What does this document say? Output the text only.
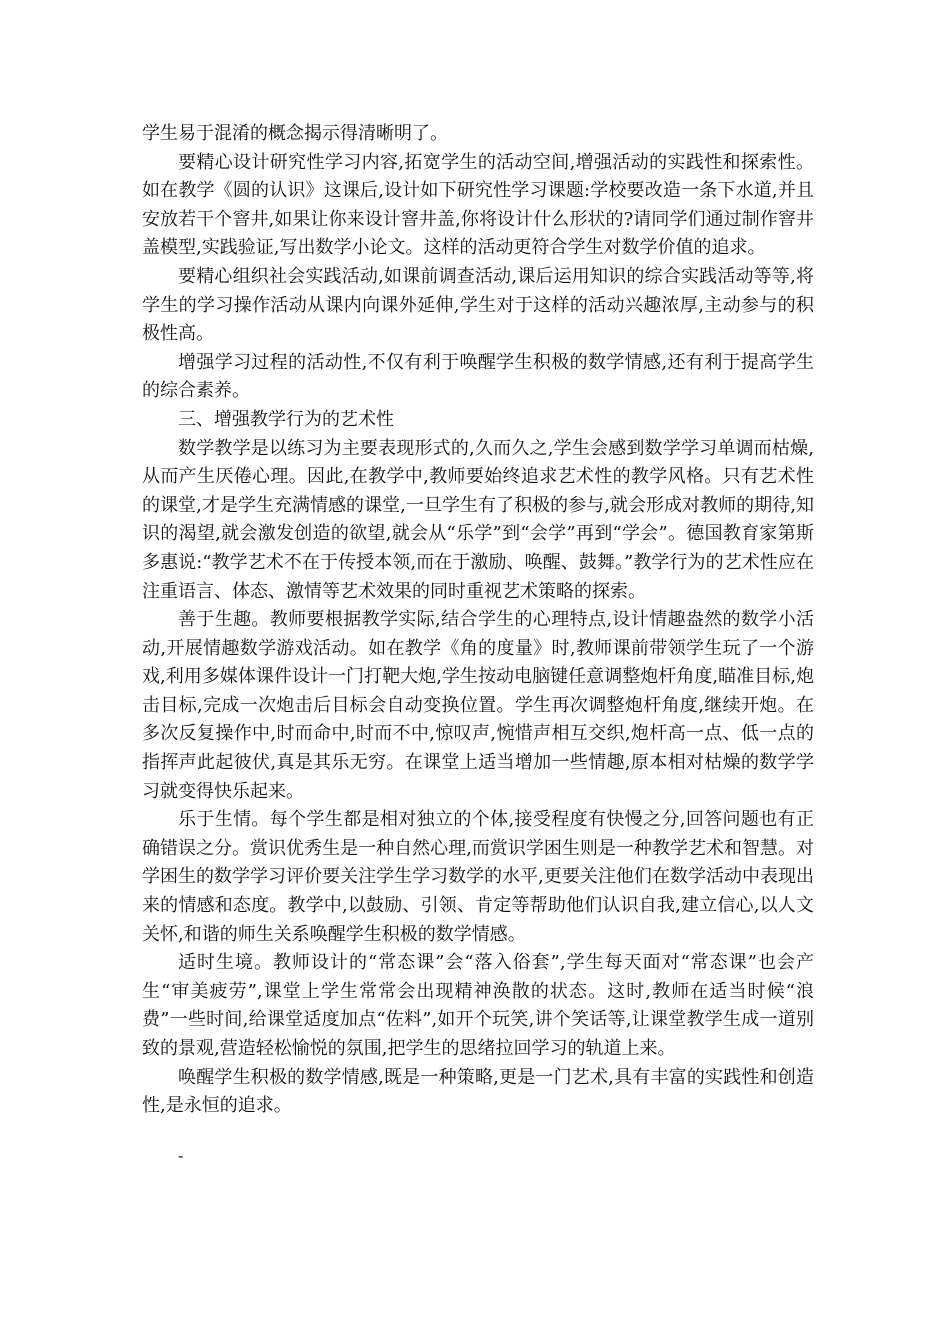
学生易于混淆的概念揭示得清晰明了。

要精心设计研究性学习内容,拓宽学生的活动空间,增强活动的实践性和探索性。如在教学《圆的认识》这课后,设计如下研究性学习课题:学校要改造一条下水道,并且安放若干个窨井,如果让你来设计窨井盖,你将设计什么形状的?请同学们通过制作窨井盖模型,实践验证,写出数学小论文。这样的活动更符合学生对数学价值的追求。

要精心组织社会实践活动,如课前调查活动,课后运用知识的综合实践活动等等,将学生的学习操作活动从课内向课外延伸,学生对于这样的活动兴趣浓厚,主动参与的积极性高。

增强学习过程的活动性,不仅有利于唤醒学生积极的数学情感,还有利于提高学生的综合素养。

三、增强教学行为的艺术性

数学教学是以练习为主要表现形式的,久而久之,学生会感到数学学习单调而枯燥,从而产生厌倦心理。因此,在教学中,教师要始终追求艺术性的教学风格。只有艺术性的课堂,才是学生充满情感的课堂,一旦学生有了积极的参与,就会形成对教师的期待,知识的渴望,就会激发创造的欲望,就会从“乐学”到“会学”再到“学会”。德国教育家第斯多惠说:“教学艺术不在于传授本领,而在于激励、唤醒、鼓舞。”教学行为的艺术性应在注重语言、体态、激情等艺术效果的同时重视艺术策略的探索。

善于生趣。教师要根据教学实际,结合学生的心理特点,设计情趣盎然的数学小活动,开展情趣数学游戏活动。如在教学《角的度量》时,教师课前带领学生玩了一个游戏,利用多媒体课件设计一门打靶大炮,学生按动电脑键任意调整炮杆角度,瞄准目标,炮击目标,完成一次炮击后目标会自动变换位置。学生再次调整炮杆角度,继续开炮。在多次反复操作中,时而命中,时而不中,惊叹声,惋惜声相互交织,炮杆高一点、低一点的指挥声此起彼伏,真是其乐无穷。在课堂上适当增加一些情趣,原本相对枯燥的数学学习就变得快乐起来。

乐于生情。每个学生都是相对独立的个体,接受程度有快慢之分,回答问题也有正确错误之分。赏识优秀生是一种自然心理,而赏识学困生则是一种教学艺术和智慧。对学困生的数学学习评价要关注学生学习数学的水平,更要关注他们在数学活动中表现出来的情感和态度。教学中,以鼓励、引领、肯定等帮助他们认识自我,建立信心,以人文关怀,和谐的师生关系唤醒学生积极的数学情感。

适时生境。教师设计的“常态课”会“落入俗套”,学生每天面对“常态课”也会产生“审美疲劳”,课堂上学生常常会出现精神涣散的状态。这时,教师在适当时候“浪费”一些时间,给课堂适度加点“佐料”,如开个玩笑,讲个笑话等,让课堂教学生成一道别致的景观,营造轻松愉悦的氛围,把学生的思绪拉回学习的轨道上来。

唤醒学生积极的数学情感,既是一种策略,更是一门艺术,具有丰富的实践性和创造性,是永恒的追求。

-
